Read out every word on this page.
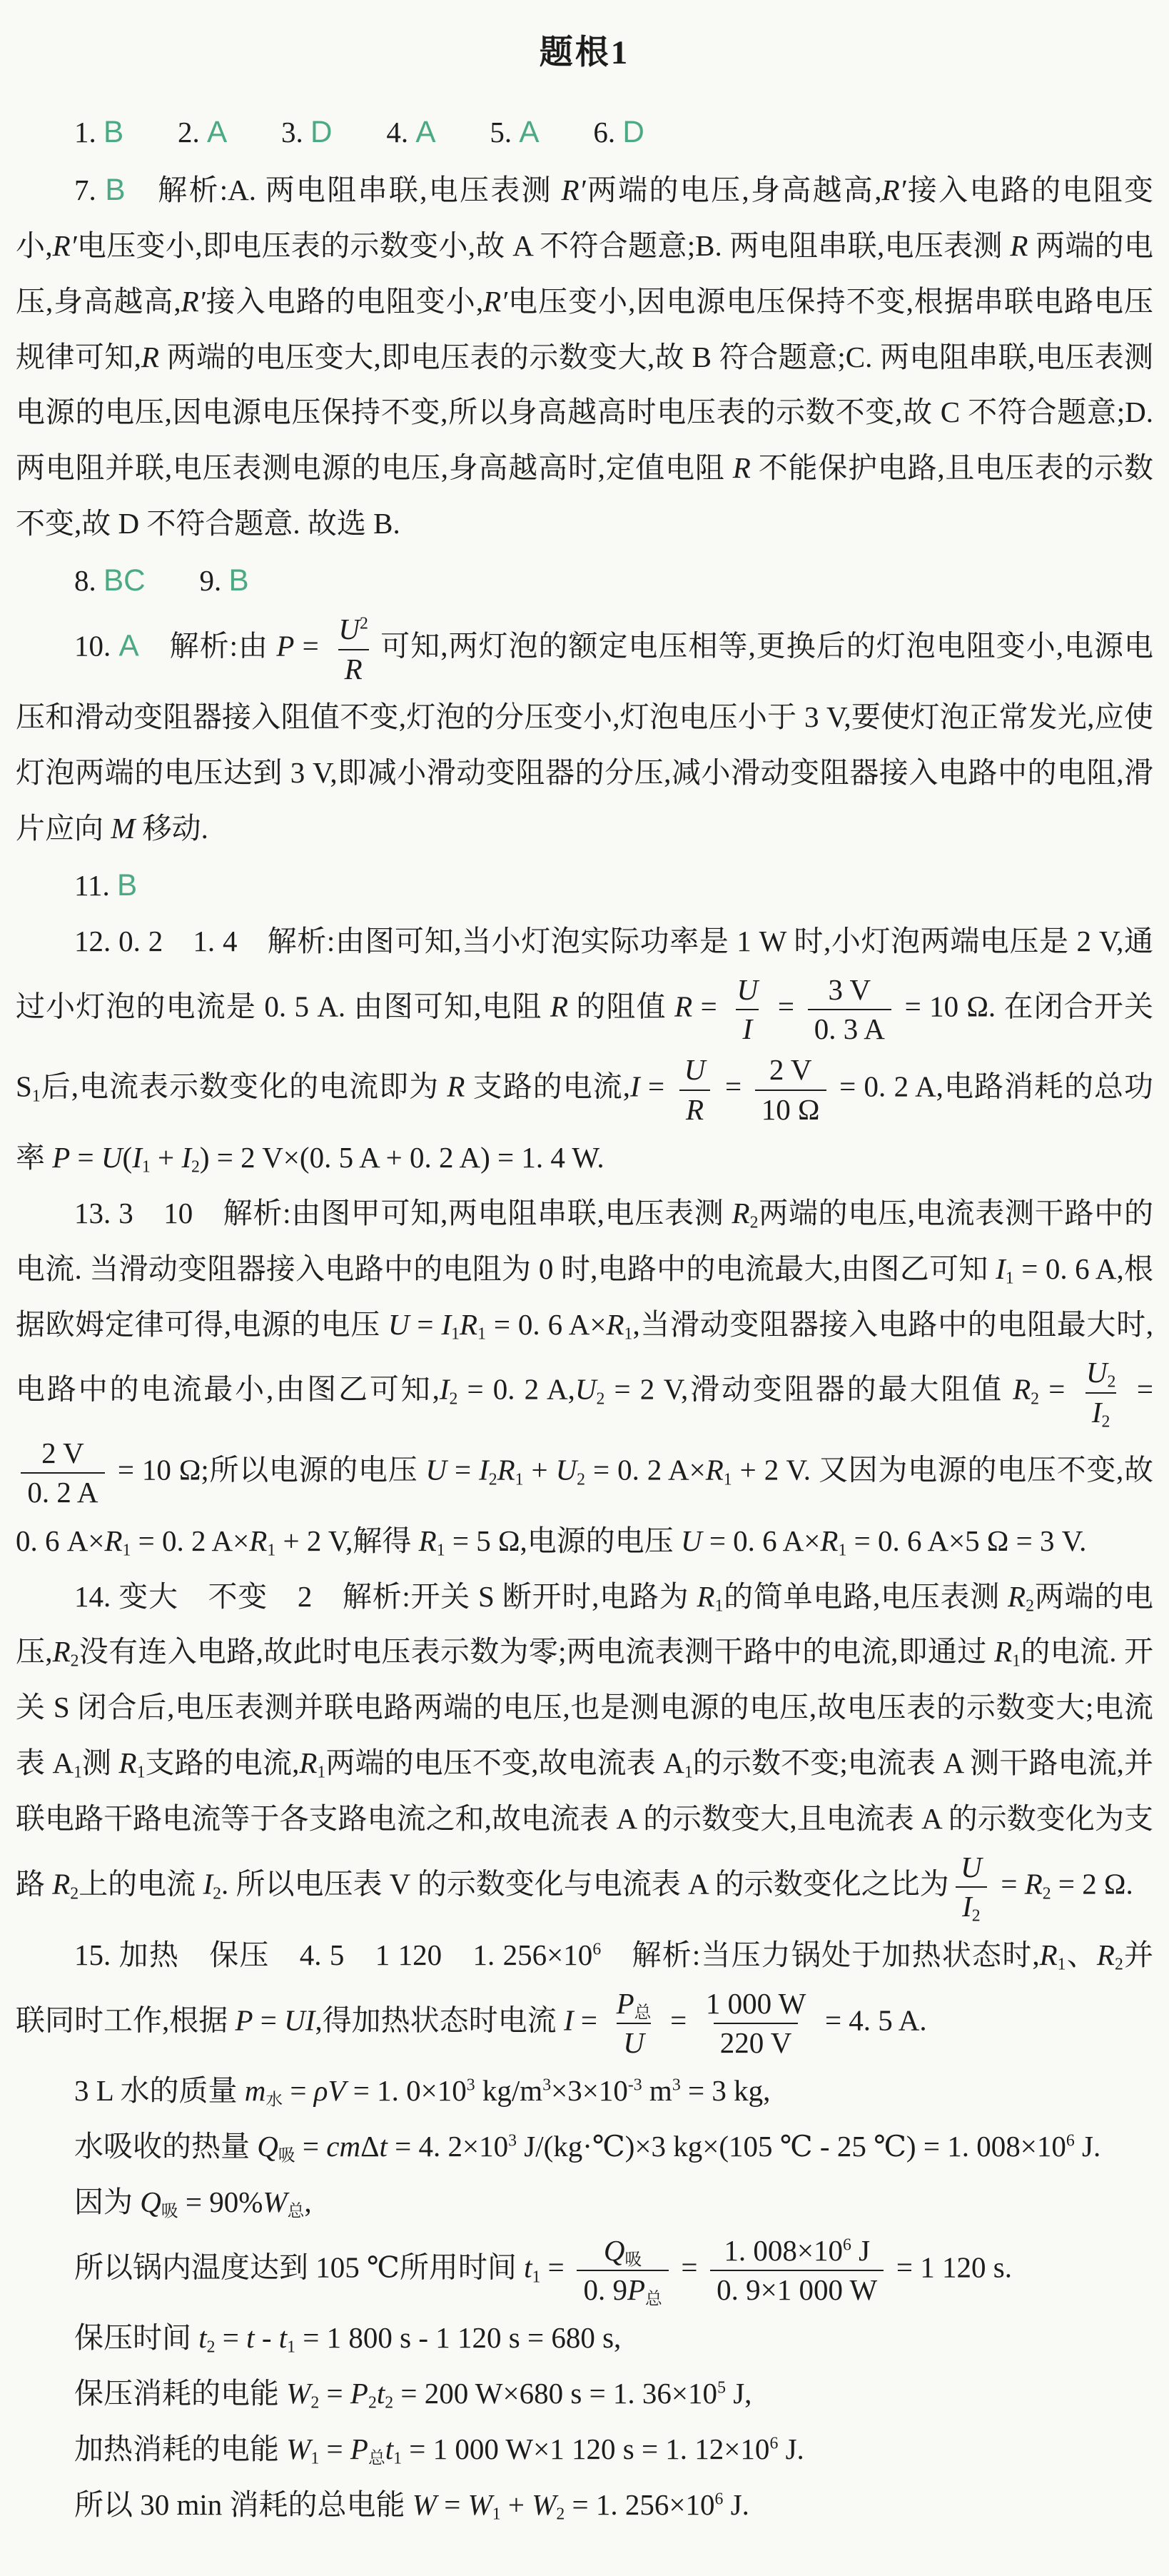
题根1

1. B 2. A 3. D 4. A 5. A 6. D

7. B　解析:A. 两电阻串联,电压表测 R′两端的电压,身高越高,R′接入电路的电阻变小,R′电压变小,即电压表的示数变小,故 A 不符合题意;B. 两电阻串联,电压表测 R 两端的电压,身高越高,R′接入电路的电阻变小,R′电压变小,因电源电压保持不变,根据串联电路电压规律可知,R 两端的电压变大,即电压表的示数变大,故 B 符合题意;C. 两电阻串联,电压表测电源的电压,因电源电压保持不变,所以身高越高时电压表的示数不变,故 C 不符合题意;D. 两电阻并联,电压表测电源的电压,身高越高时,定值电阻 R 不能保护电路,且电压表的示数不变,故 D 不符合题意. 故选 B.

8. BC 9. B

10. A　解析:由 $P = \frac{U^2}{R}$ 可知,两灯泡的额定电压相等,更换后的灯泡电阻变小,电源电压和滑动变阻器接入阻值不变,灯泡的分压变小,灯泡电压小于 3 V,要使灯泡正常发光,应使灯泡两端的电压达到 3 V,即减小滑动变阻器的分压,减小滑动变阻器接入电路中的电阻,滑片应向 M 移动.

11. B

12. 0. 2　1. 4　解析:由图可知,当小灯泡实际功率是 1 W 时,小灯泡两端电压是 2 V,通过小灯泡的电流是 0. 5 A. 由图可知,电阻 R 的阻值 $R = \frac{U}{I} = \frac{3 V}{0. 3 A} = 10$ Ω. 在闭合开关 S1后,电流表示数变化的电流即为 R 支路的电流$,I = \frac{U}{R} = \frac{2 V}{10 \Omega} = 0$. 2 A,电路消耗的总功率 P = U(I1 + I2) = 2 V×(0. 5 A + 0. 2 A) = 1. 4 W.

13. 3　10　解析:由图甲可知,两电阻串联,电压表测 R2两端的电压,电流表测干路中的电流. 当滑动变阻器接入电路中的电阻为 0 时,电路中的电流最大,由图乙可知 I1 = 0. 6 A,根据欧姆定律可得,电源的电压 U = I1R1 = 0. 6 A×R1,当滑动变阻器接入电路中的电阻最大时,电路中的电流最小,由图乙可知,I2 = 0. 2 A,U2 = 2 V,滑动变阻器的最大阻值 $R2 = \frac{U2}{I2}$ =
$\frac{2 V}{0. 2 A} = 10$ Ω;所以电源的电压 U = I2R1 + U2 = 0. 2 A×R1 + 2 V. 又因为电源的电压不变,故 0. 6 A×R1 = 0. 2 A×R1 + 2 V,解得 R1 = 5 Ω,电源的电压 U = 0. 6 A×R1 = 0. 6 A×5 Ω = 3 V.

14. 变大　不变　2　解析:开关 S 断开时,电路为 R1的简单电路,电压表测 R2两端的电压,R2没有连入电路,故此时电压表示数为零;两电流表测干路中的电流,即通过 R1的电流. 开关 S 闭合后,电压表测并联电路两端的电压,也是测电源的电压,故电压表的示数变大;电流表 A1测 R1支路的电流,R1两端的电压不变,故电流表 A1的示数不变;电流表 A 测干路电流,并联电路干路电流等于各支路电流之和,故电流表 A 的示数变大,且电流表 A 的示数变化为支路 R2上的电流 I2. 所以电压表 V 的示数变化与电流表 A 的示数变化之比为 $\frac{U}{I2} = R2 = 2$ Ω.

15. 加热　保压　4. 5　1 120　1. $256\times 10^6$　解析:当压力锅处于加热状态时,R1、R2并联同时工作,根据 P = UI,得加热状态时电流 $I = \frac{\text{P总}}{U} = \frac{1 000 W}{220 V} = 4$. 5 A.

3 L 水的质量 m水 = ρV = 1. $0\times 10^3$ $kg/m^3\times 3\times 10^{-3}$ $m^3 = 3$ kg,

水吸收的热量 Q吸 = cmΔt = 4. $2\times 10^3$ J/(kg·℃)×3 kg×(105 ℃ - 25 ℃) = 1. $008\times 10^6$ J.

因为 Q吸 = 90%W总,

所以锅内温度达到 105 ℃所用时间 $t1 = \frac{\text{Q吸}}{\text{0. 9P总}} = \frac{1. 008\times 10^6 J}{0. 9\times 1 000 W} = 1$ 120 s.

保压时间 t2 = t - t1 = 1 800 s - 1 120 s = 680 s,

保压消耗的电能 W2 = P2t2 = 200 W×680 s = 1. $36\times 10^5$ J,

加热消耗的电能 W1 = P总t1 = 1 000 W×1 120 s = 1. $12\times 10^6$ J.

所以 30 min 消耗的总电能 W = W1 + W2 = 1. $256\times 10^6$ J.
